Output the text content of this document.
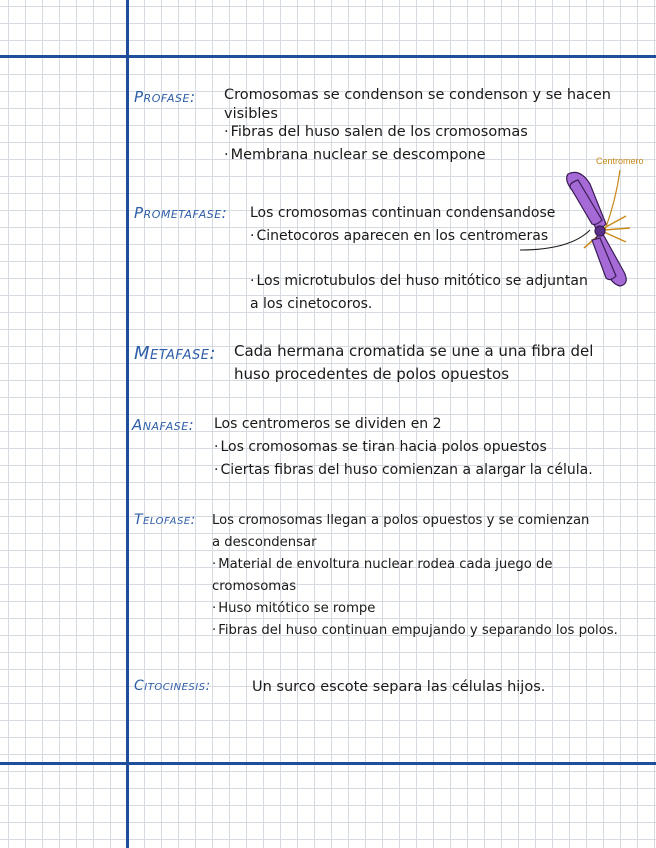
Profase: Cromosomas se condenson se condenson y se hacen
visibles
· Fibras del huso salen de los cromosomas
· Membrana nuclear se descompone
Prometafase: Los cromosomas continuan condensandose
· Cinetocoros aparecen en los centromeras
· Los microtubulos del huso mitótico se adjuntan
a los cinetocoros.
Centromero
Metafase: Cada hermana cromatida se une a una fibra del
huso procedentes de polos opuestos
Anafase: Los centromeros se dividen en 2
· Los cromosomas se tiran hacia polos opuestos
· Ciertas fibras del huso comienzan a alargar la célula.
Telofase: Los cromosomas llegan a polos opuestos y se comienzan
a descondensar
· Material de envoltura nuclear rodea cada juego de
cromosomas
· Huso mitótico se rompe
· Fibras del huso continuan empujando y separando los polos.
Citocinesis:	Un surco escote separa las células hijos.
